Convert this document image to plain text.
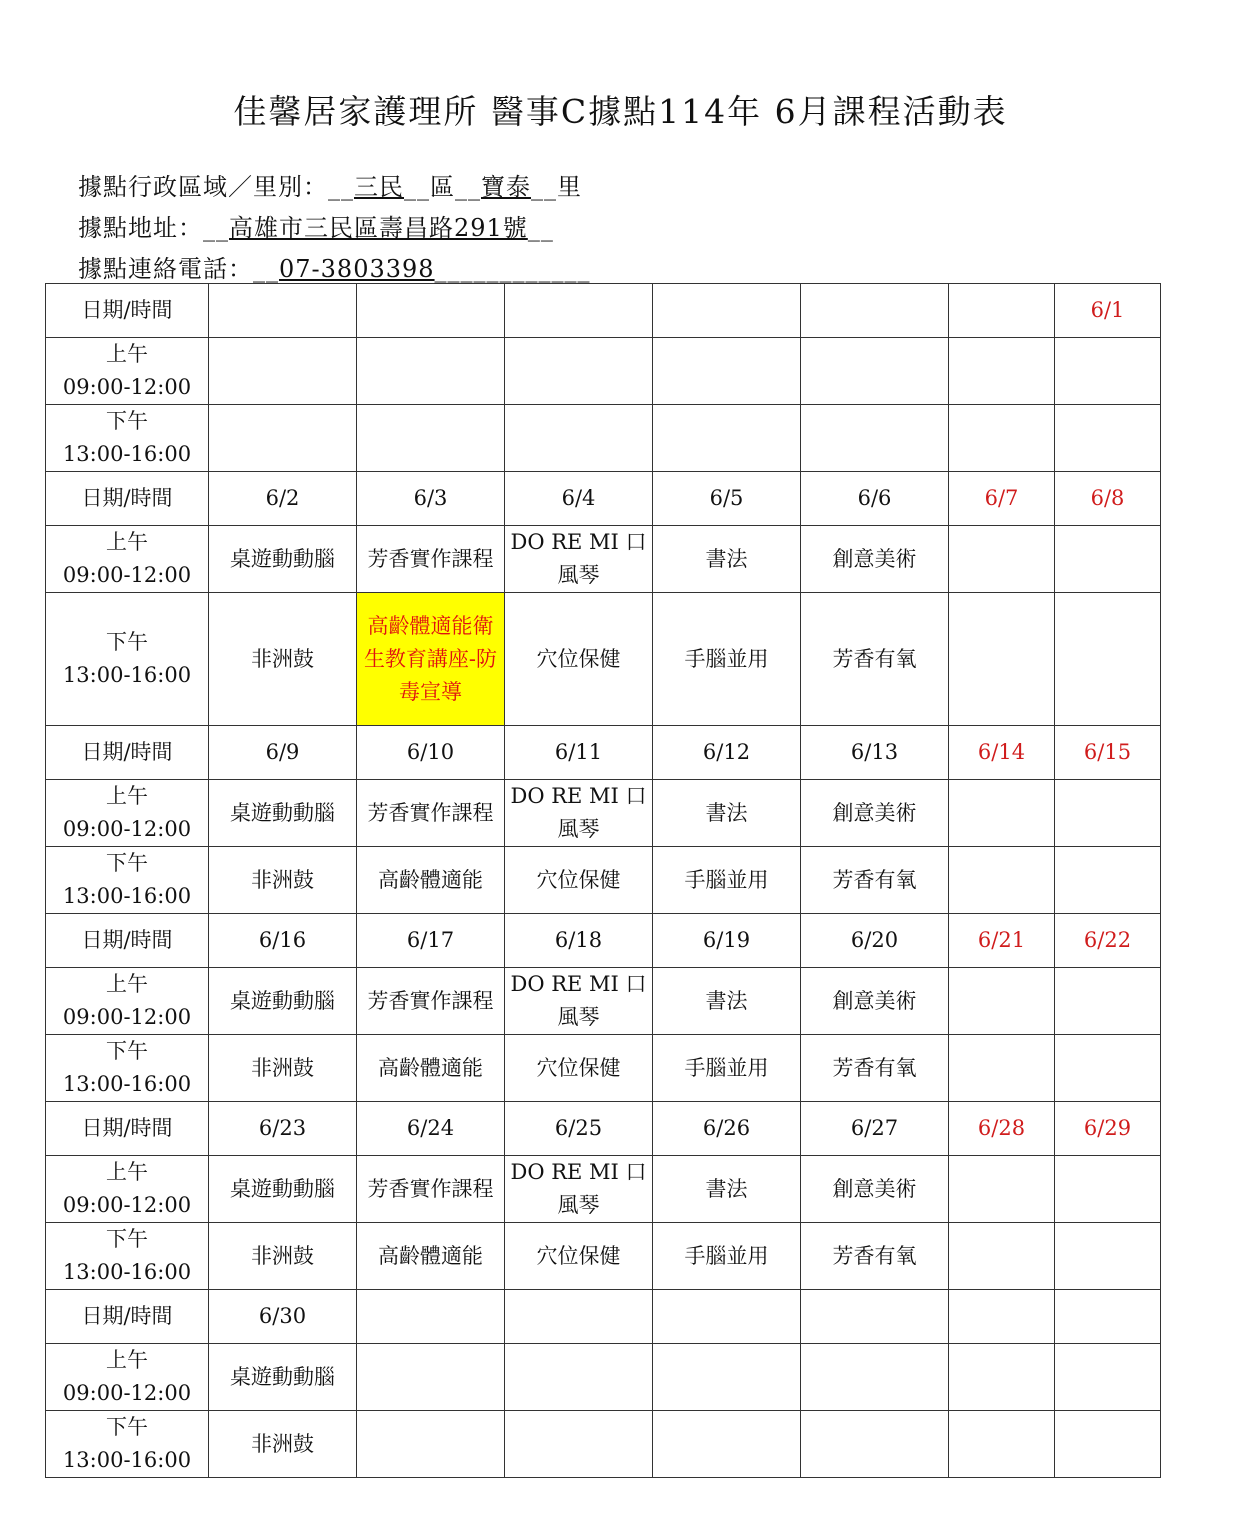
佳馨居家護理所 醫事C據點114年 6月課程活動表
據點行政區域／里別：__三民__區__寶泰__里
據點地址：__高雄市三民區壽昌路291號__
據點連絡電話：__07-3803398____________
日期/時間							6/1

上午
09:00-12:00							

下午
13:00-16:00							

日期/時間	6/2	6/3	6/4	6/5	6/6	6/7	6/8

上午
09:00-12:00	桌遊動動腦	芳香實作課程	DO RE MI 口風琴	書法	創意美術		

下午
13:00-16:00	非洲鼓	高齡體適能衛生教育講座-防毒宣導	穴位保健	手腦並用	芳香有氧		
日期/時間	6/9	6/10	6/11	6/12	6/13	6/14	6/15

上午
09:00-12:00	桌遊動動腦	芳香實作課程	DO RE MI 口風琴	書法	創意美術		

下午
13:00-16:00	非洲鼓	高齡體適能	穴位保健	手腦並用	芳香有氧		
日期/時間	6/16	6/17	6/18	6/19	6/20	6/21	6/22

上午
09:00-12:00	桌遊動動腦	芳香實作課程	DO RE MI 口風琴	書法	創意美術		

下午
13:00-16:00	非洲鼓	高齡體適能	穴位保健	手腦並用	芳香有氧		
日期/時間	6/23	6/24	6/25	6/26	6/27	6/28	6/29

上午
09:00-12:00	桌遊動動腦	芳香實作課程	DO RE MI 口風琴	書法	創意美術		

下午
13:00-16:00	非洲鼓	高齡體適能	穴位保健	手腦並用	芳香有氧		
日期/時間	6/30						

上午
09:00-12:00	桌遊動動腦						

下午
13:00-16:00	非洲鼓						
